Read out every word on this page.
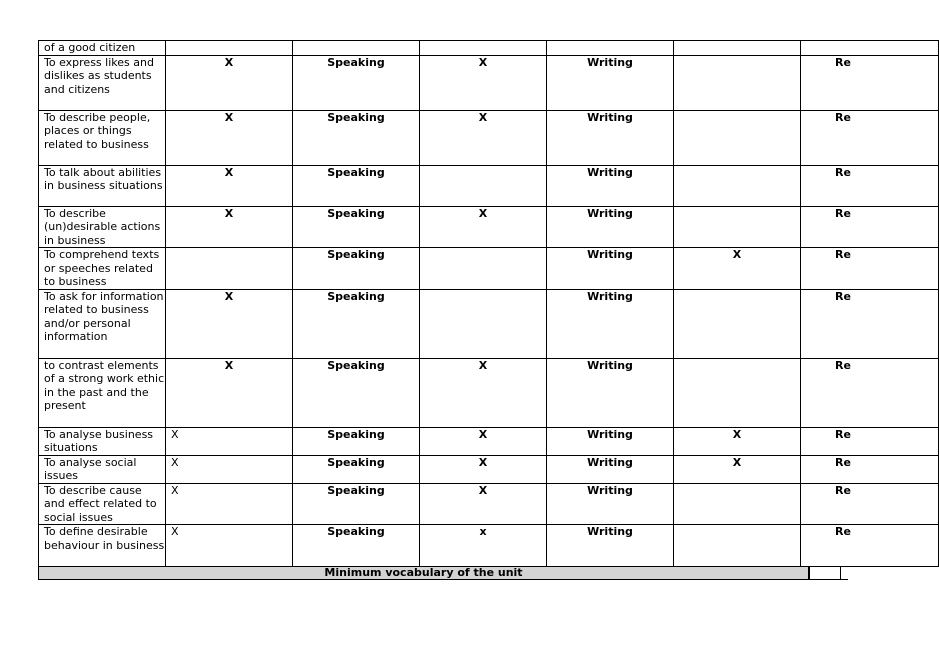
of a good citizen						
To express likes and dislikes as students and citizens	X	Speaking	X	Writing		Re
To describe people, places or things related to business	X	Speaking	X	Writing		Re
To talk about abilities in business situations	X	Speaking		Writing		Re
To describe (un)desirable actions in business	X	Speaking	X	Writing		Re
To comprehend texts or speeches related to business		Speaking		Writing	X	Re
To ask for information related to business and/or personal information	X	Speaking		Writing		Re
to contrast elements of a strong work ethic in the past and the present	X	Speaking	X	Writing		Re
To analyse business situations	X	Speaking	X	Writing	X	Re
To analyse social issues	X	Speaking	X	Writing	X	Re
To describe cause and effect related to social issues	X	Speaking	X	Writing		Re
To define desirable behaviour in business	X	Speaking	x	Writing		Re
Minimum vocabulary of the unit
